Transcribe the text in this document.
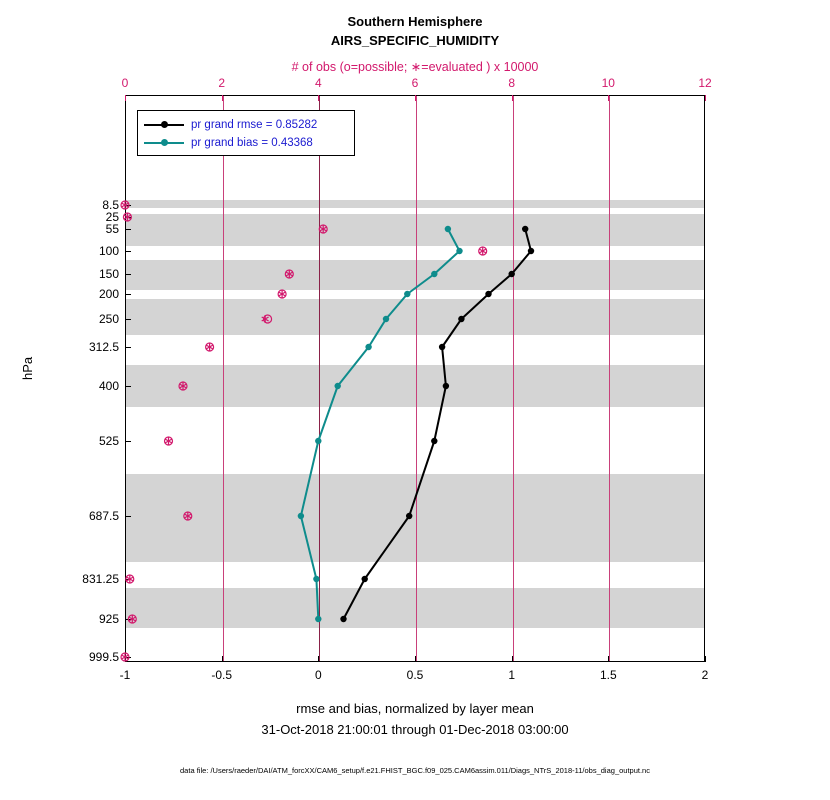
Southern Hemisphere
AIRS_SPECIFIC_HUMIDITY
# of obs (o=possible; ∗=evaluated ) x 10000
0	2	4	6	8	10	12
-1	-0.5	0	0.5	1	1.5	2
8.5
25
55
100
150
200
250
312.5
400
525
687.5
831.25
925
999.5
hPa
pr grand rmse = 0.85282
pr grand bias = 0.43368
rmse and bias, normalized by layer mean
31-Oct-2018 21:00:01 through 01-Dec-2018 03:00:00
data file: /Users/raeder/DAI/ATM_forcXX/CAM6_setup/f.e21.FHIST_BGC.f09_025.CAM6assim.011/Diags_NTrS_2018-11/obs_diag_output.nc
